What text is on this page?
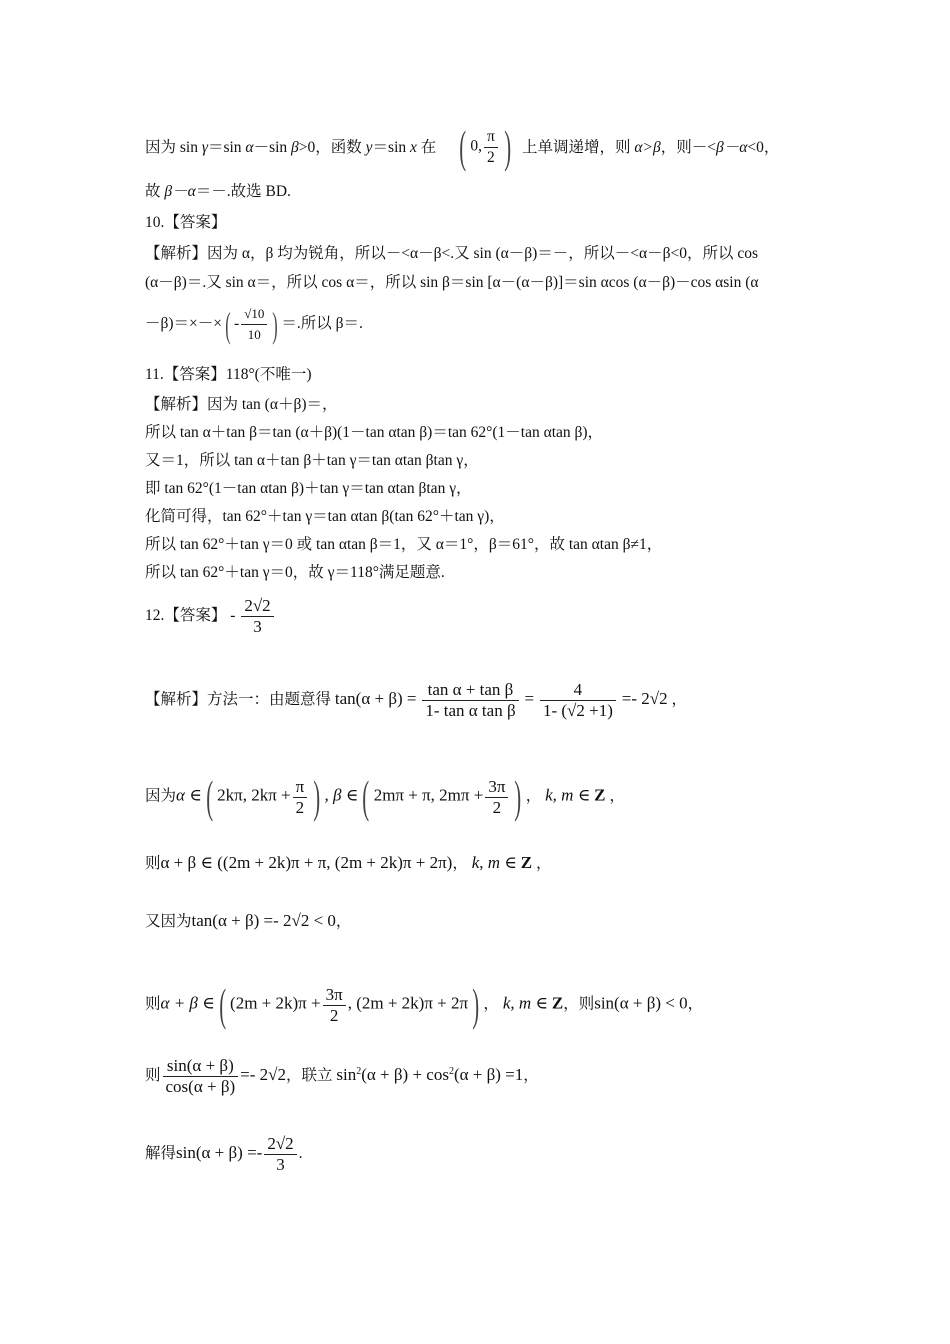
因为 sin γ＝sin α－sin β>0，函数 y＝sin x 在 ( 0, $\frac{\pi}{2}$ ) 上单调递增，则 α>β，则－<β－α<0，
故 β－α＝－.故选 BD.
10.【答案】
【解析】因为 α，β 均为锐角，所以－<α－β<.又 sin (α－β)＝－，所以－<α－β<0，所以 cos
(α－β)＝.又 sin α＝，所以 cos α＝，所以 sin β＝sin [α－(α－β)]＝sin αcos (α－β)－cos αsin (α
$-\beta)=\times-\times( - \frac{√10}{10}$ ) ＝.所以 β＝.
11.【答案】118°(不唯一)
【解析】因为 tan (α＋β)＝，
所以 tan α＋tan β＝tan (α＋β)(1－tan αtan β)＝tan 62°(1－tan αtan β)，
又＝1，所以 tan α＋tan β＋tan γ＝tan αtan βtan γ，
即 tan 62°(1－tan αtan β)＋tan γ＝tan αtan βtan γ，
化简可得，tan 62°＋tan γ＝tan αtan β(tan 62°＋tan γ)，
所以 tan 62°＋tan γ＝0 或 tan αtan β＝1，又 α＝1°，β＝61°，故 tan αtan β≠1，
所以 tan 62°＋tan γ＝0，故 γ＝118°满足题意.
12.【答案】 - $\frac{2√2}{3}$
【解析】方法一：由题意得 $\tan(\alpha + \beta) = \frac{\text{tan α + tan β}}{\text{1- tan α tan β}} = \frac{4}{1- (√2 +1)} =- 2√2$ ，
因为α ∈( 2kπ, $2k\pi + \frac{\pi}{2}$ ) , β ∈( 2mπ + π, $2m\pi + \frac{3\pi}{2}$ ) ， k, m ∈ Z ，
则α + β ∈ ((2m + 2k)π + π, (2m + 2k)π + 2π)， k, m ∈ Z ，
又因为tan(α + β) =- 2√2 < 0，
则α + β ∈( $(2m + 2k)\pi + \frac{3\pi}{2}$ , (2m + 2k)π + 2π) ， k, m ∈ Z，则sin(α + β) < 0，
则 $\frac{\sin(\alpha + \beta)}{\cos(\alpha + \beta)} =- 2√2$，联立 $\sin^2(\alpha + \beta) + \cos^2(\alpha + \beta) =1$，
解得$\sin(\alpha + \beta) =- \frac{2√2}{3}$ .
